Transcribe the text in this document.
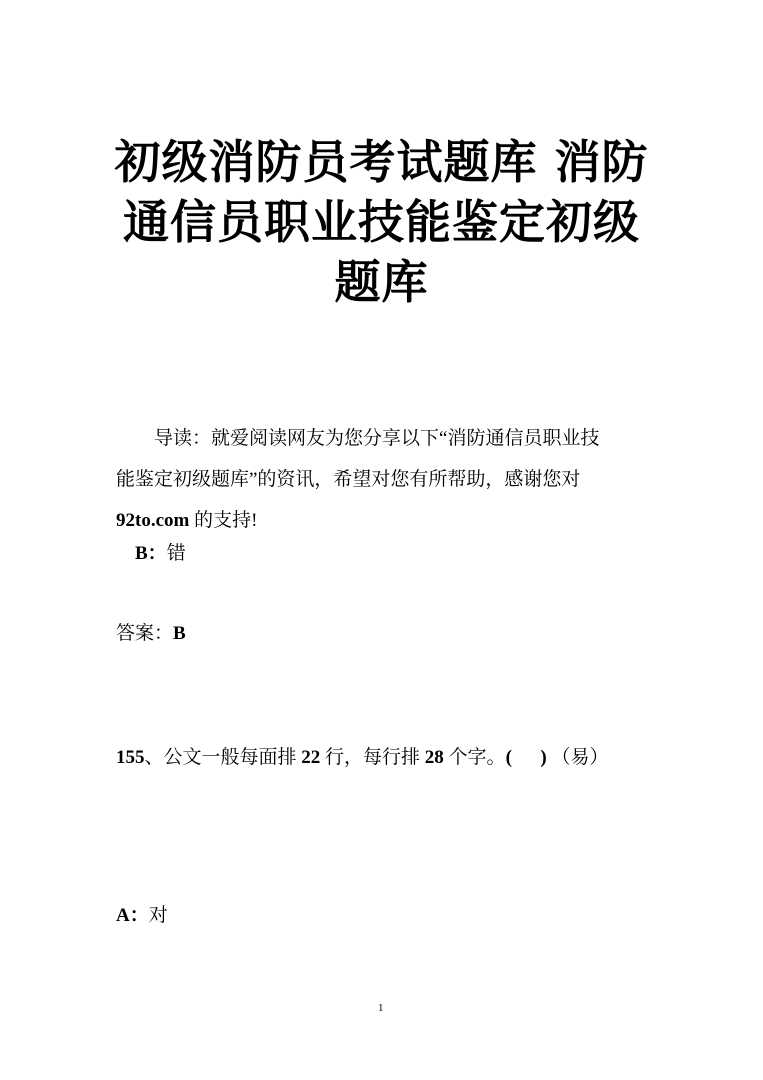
初级消防员考试题库 消防通信员职业技能鉴定初级题库

导读：就爱阅读网友为您分享以下“消防通信员职业技

能鉴定初级题库”的资讯，希望对您有所帮助，感谢您对

92to.com 的支持!

B：错
答案：B
155、公文一般每面排 22 行，每行排 28 个字。(      ) （易）
A：对
1
